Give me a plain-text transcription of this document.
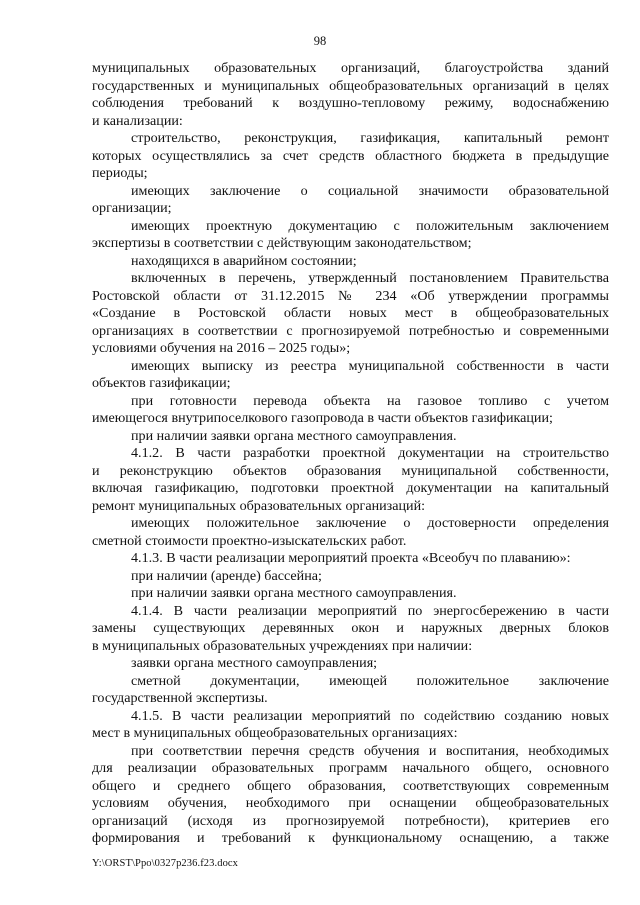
98
муниципальных образовательных организаций, благоустройства зданий
государственных и муниципальных общеобразовательных организаций в целях
соблюдения требований к воздушно-тепловому режиму, водоснабжению
и канализации:
строительство, реконструкция, газификация, капитальный ремонт
которых осуществлялись за счет средств областного бюджета в предыдущие
периоды;
имеющих заключение о социальной значимости образовательной
организации;
имеющих проектную документацию с положительным заключением
экспертизы в соответствии с действующим законодательством;
находящихся в аварийном состоянии;
включенных в перечень, утвержденный постановлением Правительства
Ростовской области от 31.12.2015 № 234 «Об утверждении программы
«Создание в Ростовской области новых мест в общеобразовательных
организациях в соответствии с прогнозируемой потребностью и современными
условиями обучения на 2016 – 2025 годы»;
имеющих выписку из реестра муниципальной собственности в части
объектов газификации;
при готовности перевода объекта на газовое топливо с учетом
имеющегося внутрипоселкового газопровода в части объектов газификации;
при наличии заявки органа местного самоуправления.
4.1.2. В части разработки проектной документации на строительство
и реконструкцию объектов образования муниципальной собственности,
включая газификацию, подготовки проектной документации на капитальный
ремонт муниципальных образовательных организаций:
имеющих положительное заключение о достоверности определения
сметной стоимости проектно-изыскательских работ.
4.1.3. В части реализации мероприятий проекта «Всеобуч по плаванию»:
при наличии (аренде) бассейна;
при наличии заявки органа местного самоуправления.
4.1.4. В части реализации мероприятий по энергосбережению в части
замены существующих деревянных окон и наружных дверных блоков
в муниципальных образовательных учреждениях при наличии:
заявки органа местного самоуправления;
сметной документации, имеющей положительное заключение
государственной экспертизы.
4.1.5. В части реализации мероприятий по содействию созданию новых
мест в муниципальных общеобразовательных организациях:
при соответствии перечня средств обучения и воспитания, необходимых
для реализации образовательных программ начального общего, основного
общего и среднего общего образования, соответствующих современным
условиям обучения, необходимого при оснащении общеобразовательных
организаций (исходя из прогнозируемой потребности), критериев его
формирования и требований к функциональному оснащению, а также
Y:\ORST\Ppo\0327p236.f23.docx
